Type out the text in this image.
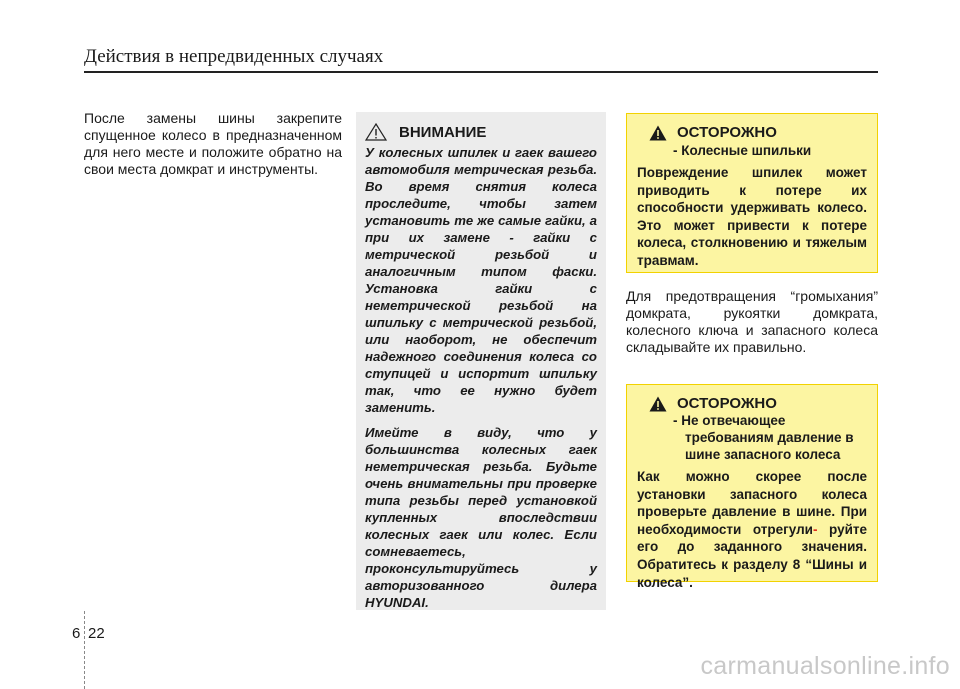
Действия в непредвиденных случаях

После замены шины закрепите спущенное колесо в предназначенном для него месте и положите обратно на свои места домкрат и инструменты.

ВНИМАНИЕ

У колесных шпилек и гаек вашего автомобиля метрическая резьба. Во время снятия колеса проследите, чтобы затем установить те же самые гайки, а при их замене - гайки с метрической резьбой и аналогичным типом фаски. Установка гайки с неметрической резьбой на шпильку с метрической резьбой, или наоборот, не обеспечит надежного соединения колеса со ступицей и испортит шпильку так, что ее нужно будет заменить.

Имейте в виду, что у большинства колесных гаек неметрическая резьба. Будьте очень внимательны при проверке типа резьбы перед установкой купленных впоследствии колесных гаек или колес. Если сомневаетесь, проконсультируйтесь у авторизованного дилера HYUNDAI.

ОСТОРОЖНО
- Колесные шпильки

Повреждение шпилек может приводить к потере их способности удерживать колесо. Это может привести к потере колеса, столкновению и тяжелым травмам.

Для предотвращения “громыхания” домкрата, рукоятки домкрата, колесного ключа и запасного колеса складывайте их правильно.

ОСТОРОЖНО
- Не отвечающее
требованиям давление в
шине запасного колеса

Как можно скорее после установки запасного колеса проверьте давление в шине. При необходимости отрегули- руйте его до заданного значения. Обратитесь к разделу 8 “Шины и колеса”.

6 22
carmanualsonline.info
